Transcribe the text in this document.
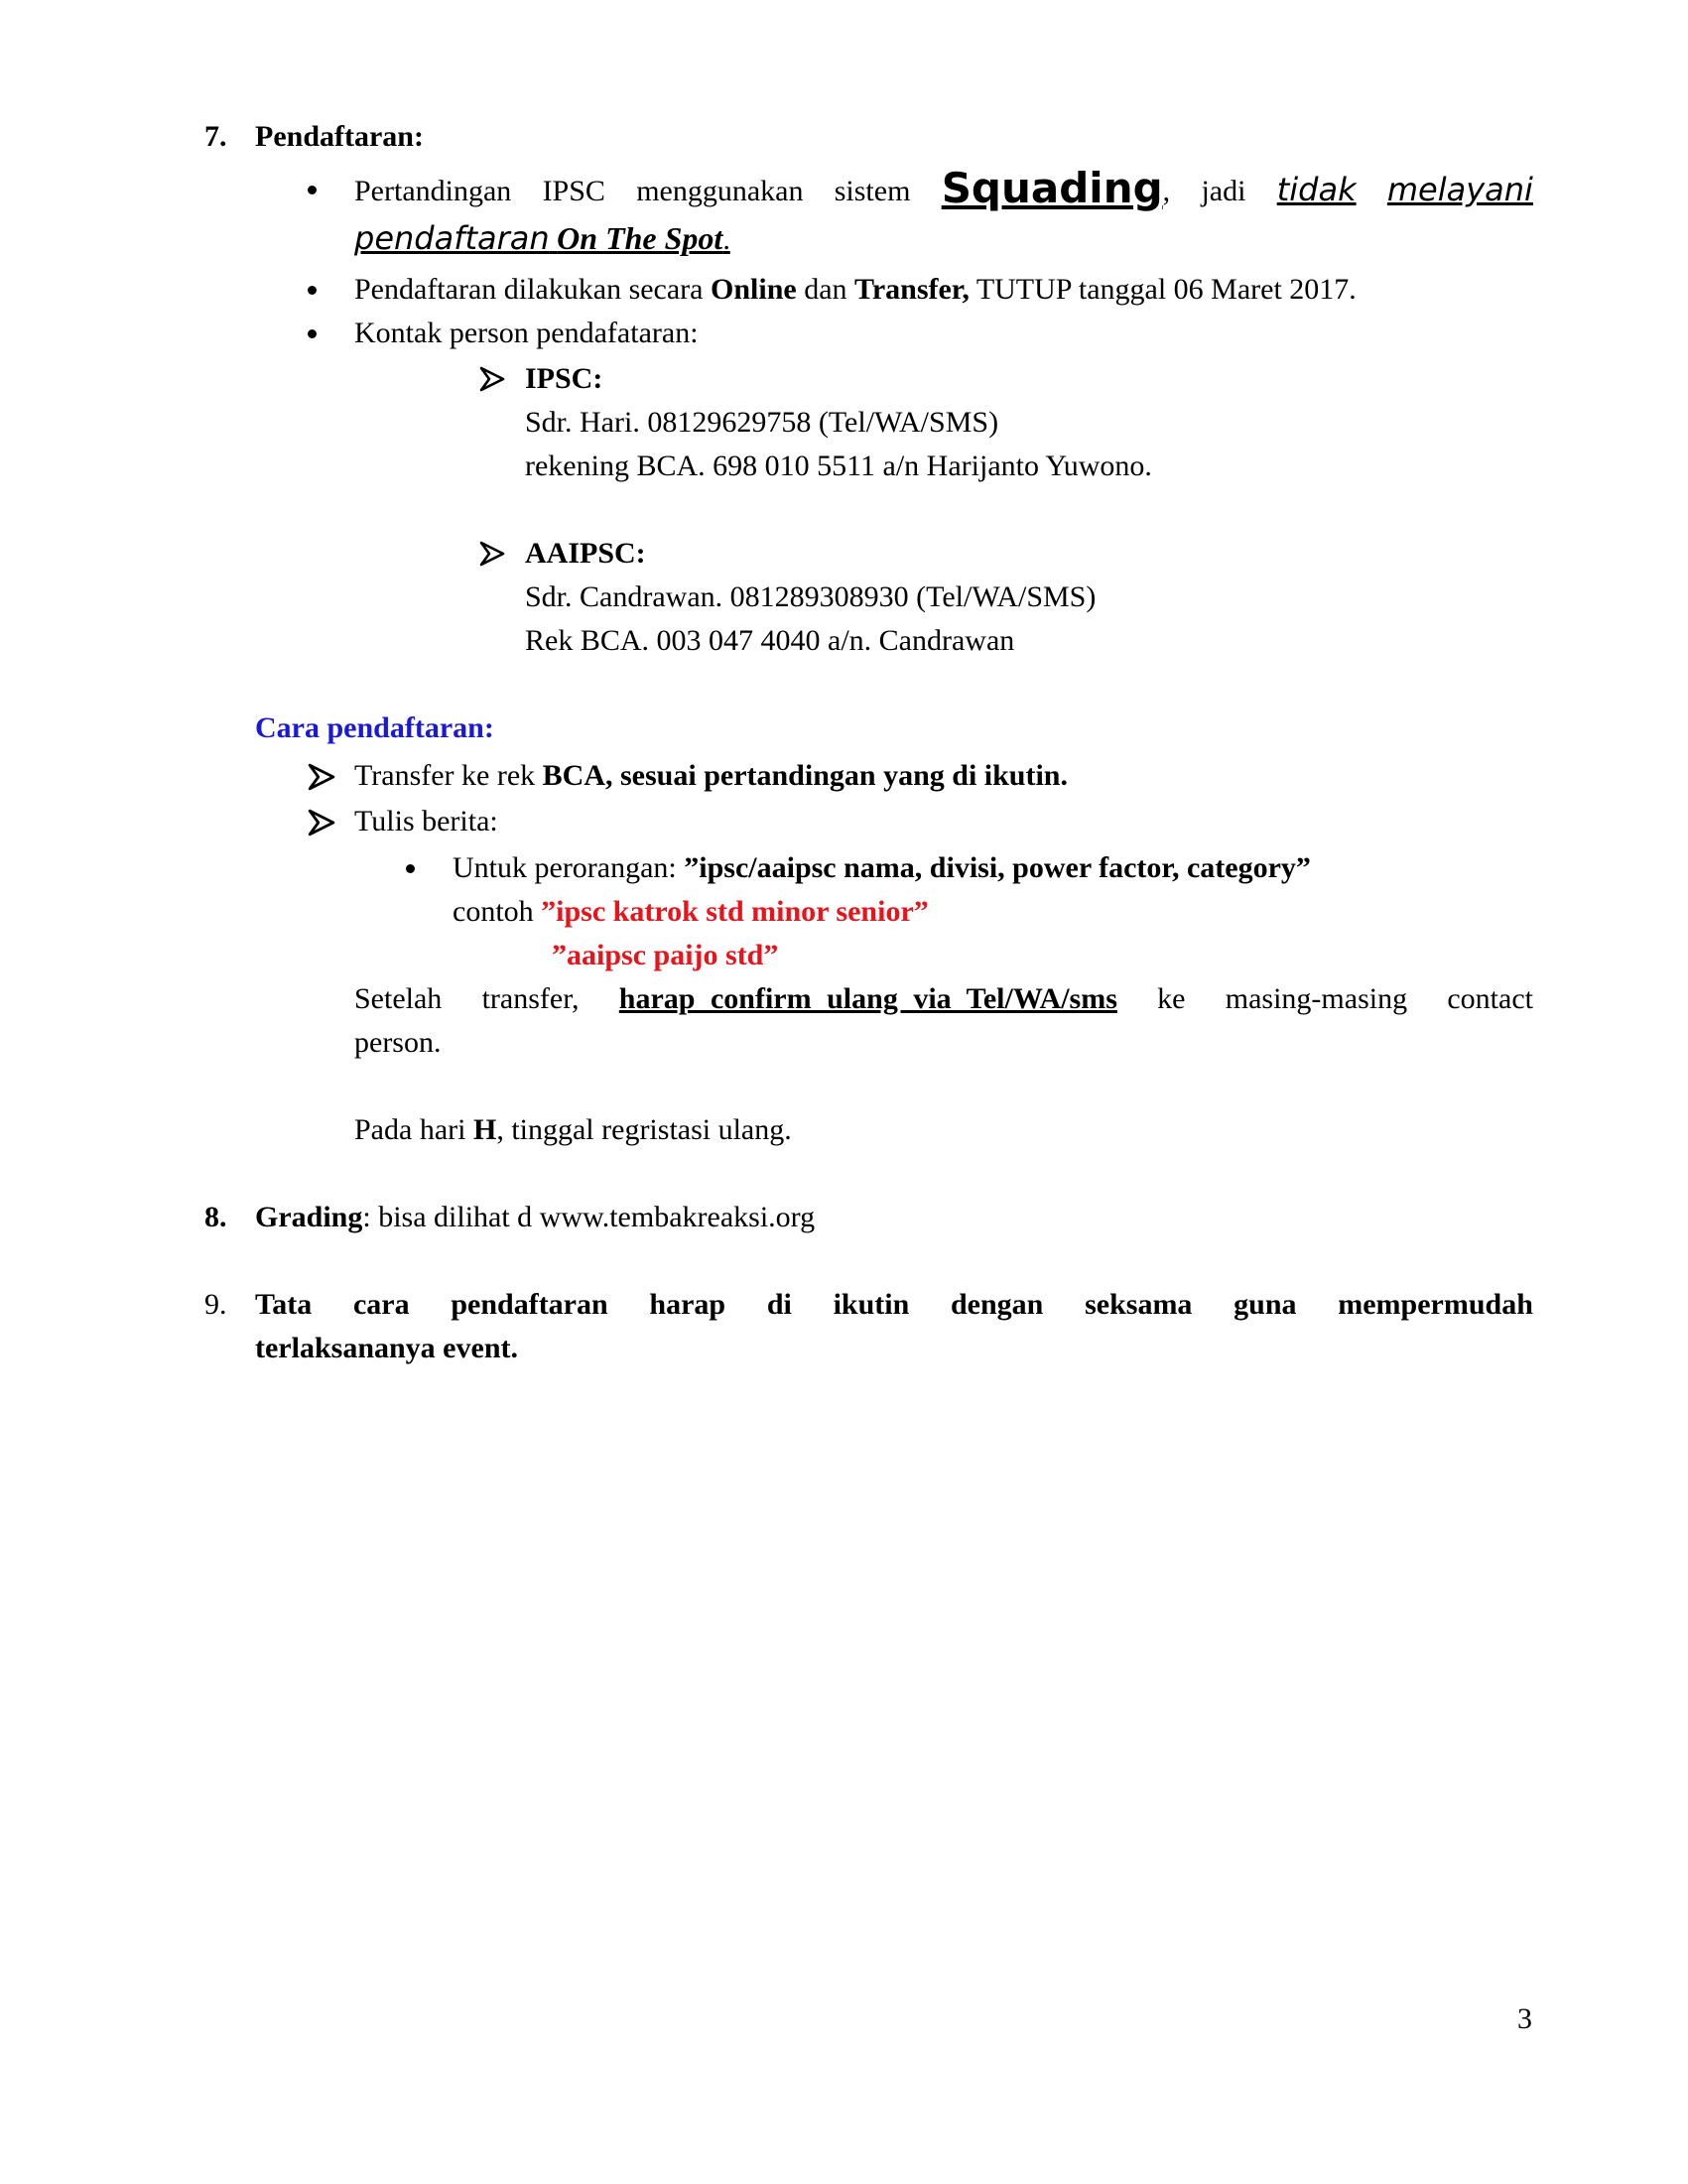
7. Pendaftaran:
Pertandingan IPSC menggunakan sistem Squading, jadi tidak melayani
pendaftaran On The Spot.
Pendaftaran dilakukan secara Online dan Transfer, TUTUP tanggal 06 Maret 2017.
Kontak person pendafataran:
IPSC:
Sdr. Hari. 08129629758 (Tel/WA/SMS)
rekening BCA. 698 010 5511 a/n Harijanto Yuwono.
AAIPSC:
Sdr. Candrawan. 081289308930 (Tel/WA/SMS)
Rek BCA. 003 047 4040 a/n. Candrawan
Cara pendaftaran:
Transfer ke rek BCA, sesuai pertandingan yang di ikutin.
Tulis berita:
Untuk perorangan: ”ipsc/aaipsc nama, divisi, power factor, category”
contoh ”ipsc katrok std minor senior”
”aaipsc paijo std”
Setelah transfer, harap confirm ulang via Tel/WA/sms ke masing-masing contact
person.
Pada hari H, tinggal regristasi ulang.
8. Grading: bisa dilihat d www.tembakreaksi.org
9. Tata cara pendaftaran harap di ikutin dengan seksama guna mempermudah
terlaksananya event.
3
